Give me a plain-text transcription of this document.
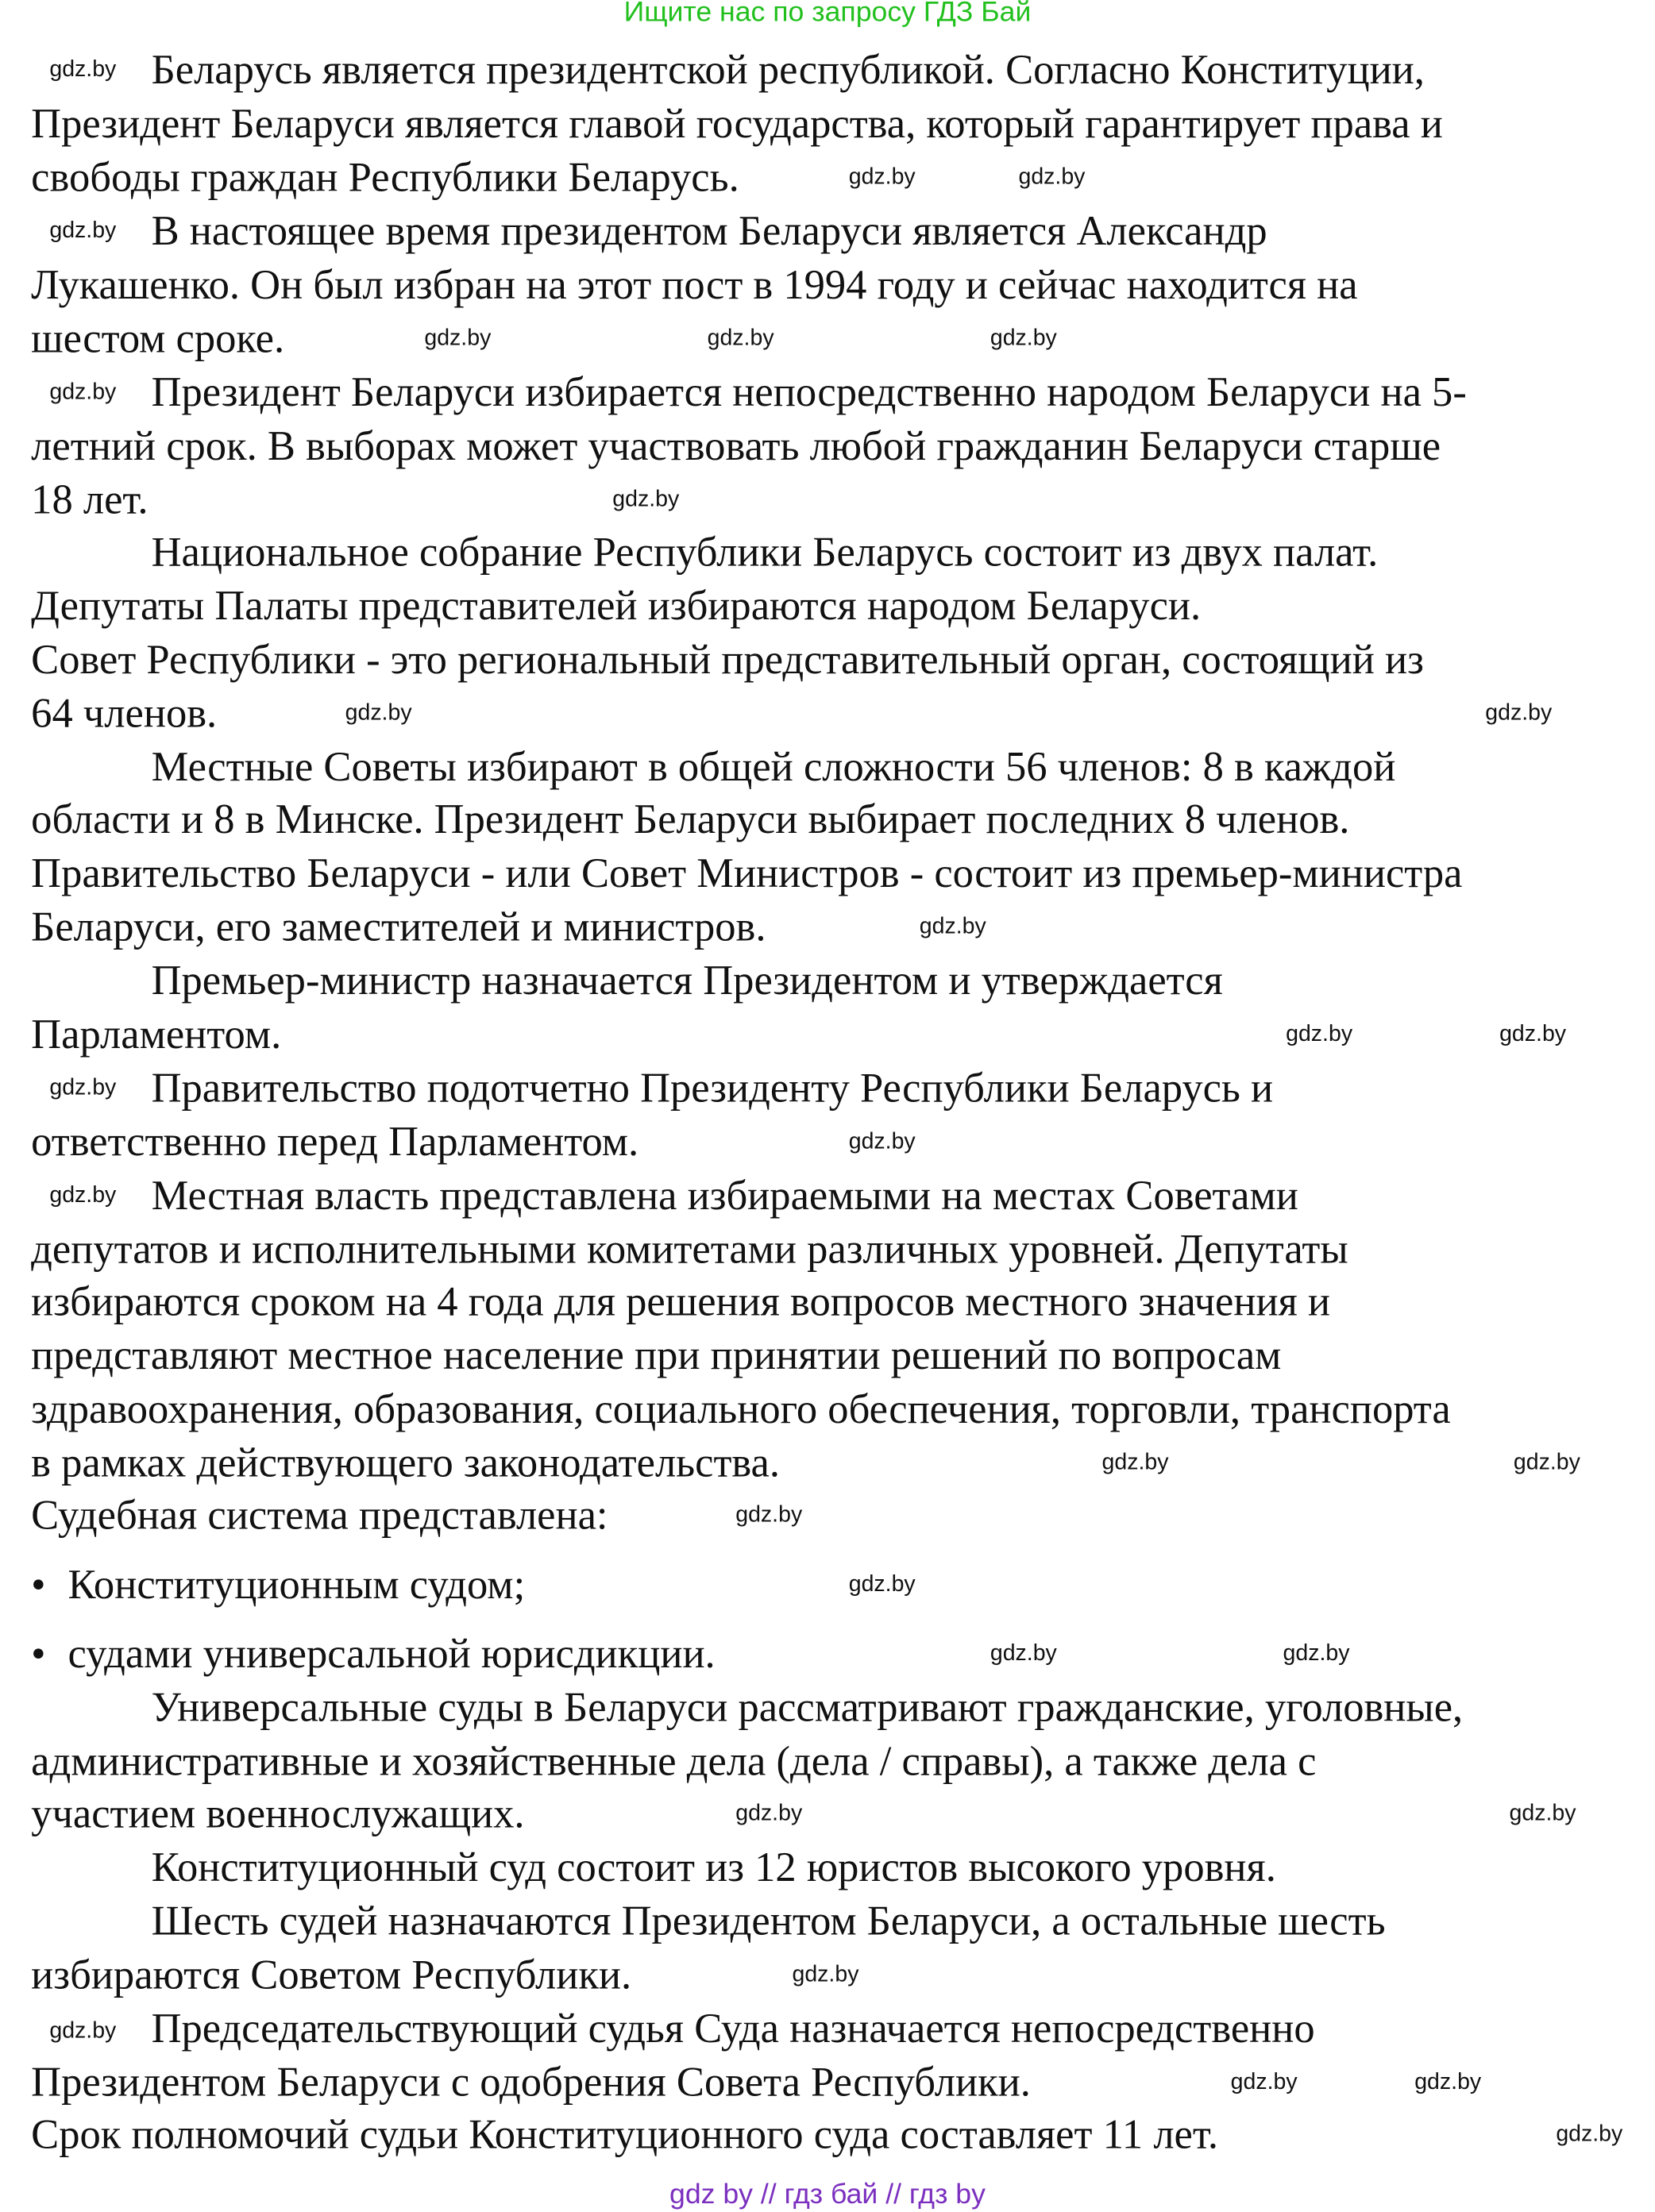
Ищите нас по запросу ГДЗ Бай
Беларусь является президентской республикой. Согласно Конституции,
Президент Беларуси является главой государства, который гарантирует права и
свободы граждан Республики Беларусь.
В настоящее время президентом Беларуси является Александр
Лукашенко. Он был избран на этот пост в 1994 году и сейчас находится на
шестом сроке.
Президент Беларуси избирается непосредственно народом Беларуси на 5-
летний срок. В выборах может участвовать любой гражданин Беларуси старше
18 лет.
Национальное собрание Республики Беларусь состоит из двух палат.
Депутаты Палаты представителей избираются народом Беларуси.
Совет Республики - это региональный представительный орган, состоящий из
64 членов.
Местные Советы избирают в общей сложности 56 членов: 8 в каждой
области и 8 в Минске. Президент Беларуси выбирает последних 8 членов.
Правительство Беларуси - или Совет Министров - состоит из премьер-министра
Беларуси, его заместителей и министров.
Премьер-министр назначается Президентом и утверждается
Парламентом.
Правительство подотчетно Президенту Республики Беларусь и
ответственно перед Парламентом.
Местная власть представлена избираемыми на местах Советами
депутатов и исполнительными комитетами различных уровней. Депутаты
избираются сроком на 4 года для решения вопросов местного значения и
представляют местное население при принятии решений по вопросам
здравоохранения, образования, социального обеспечения, торговли, транспорта
в рамках действующего законодательства.
Судебная система представлена:
• Конституционным судом;
• судами универсальной юрисдикции.
Универсальные суды в Беларуси рассматривают гражданские, уголовные,
административные и хозяйственные дела (дела / справы), а также дела с
участием военнослужащих.
Конституционный суд состоит из 12 юристов высокого уровня.
Шесть судей назначаются Президентом Беларуси, а остальные шесть
избираются Советом Республики.
Председательствующий судья Суда назначается непосредственно
Президентом Беларуси с одобрения Совета Республики.
Срок полномочий судьи Конституционного суда составляет 11 лет.
gdz.by
gdz.by	gdz.by
gdz.by
gdz.by	gdz.by	gdz.by
gdz.by
gdz.by
gdz.by
gdz.by
gdz.by
gdz.by
gdz.by
gdz.by
gdz.by
gdz.by
gdz.by
gdz.by
gdz.by
gdz.by
gdz.by	gdz.by
gdz.by
gdz.by
gdz.by
gdz.by
gdz.by	gdz.by
gdz.by
gdz by // гдз бай // гдз by
